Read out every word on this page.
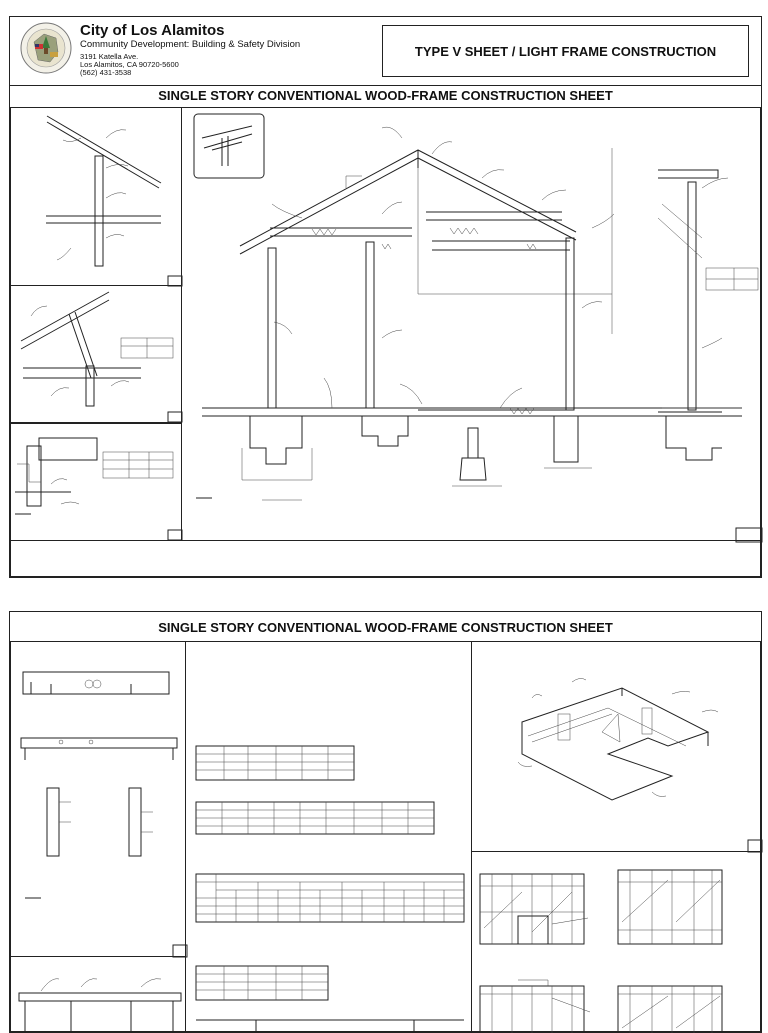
City of Los Alamitos
Community Development: Building & Safety Division
3191 Katella Ave.
Los Alamitos, CA 90720-5600
(562) 431-3538
TYPE V SHEET / LIGHT FRAME CONSTRUCTION
SINGLE STORY CONVENTIONAL WOOD-FRAME CONSTRUCTION SHEET
SINGLE STORY CONVENTIONAL WOOD-FRAME CONSTRUCTION SHEET
